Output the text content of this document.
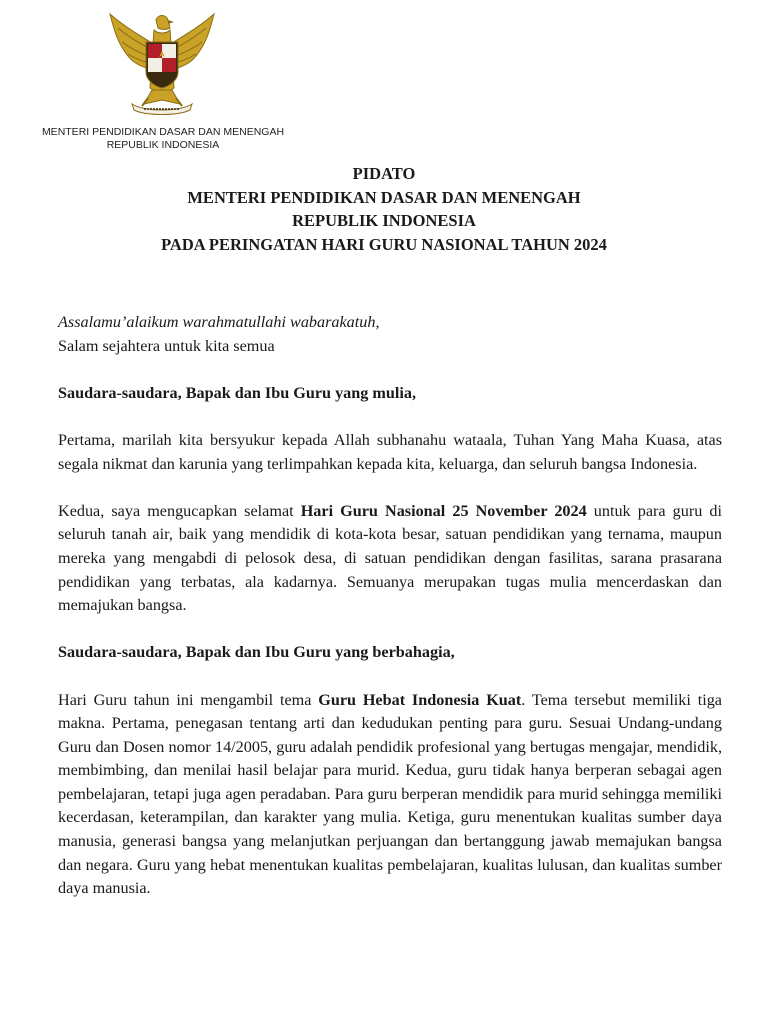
MENTERI PENDIDIKAN DASAR DAN MENENGAH
REPUBLIK INDONESIA
PIDATO
MENTERI PENDIDIKAN DASAR DAN MENENGAH
REPUBLIK INDONESIA
PADA PERINGATAN HARI GURU NASIONAL TAHUN 2024

Assalamu’alaikum warahmatullahi wabarakatuh,

Salam sejahtera untuk kita semua

Saudara-saudara, Bapak dan Ibu Guru yang mulia,

Pertama, marilah kita bersyukur kepada Allah subhanahu wataala, Tuhan Yang Maha Kuasa, atas segala nikmat dan karunia yang terlimpahkan kepada kita, keluarga, dan seluruh bangsa Indonesia.

Kedua, saya mengucapkan selamat Hari Guru Nasional 25 November 2024 untuk para guru di seluruh tanah air, baik yang mendidik di kota-kota besar, satuan pendidikan yang ternama, maupun mereka yang mengabdi di pelosok desa, di satuan pendidikan dengan fasilitas, sarana prasarana pendidikan yang terbatas, ala kadarnya. Semuanya merupakan tugas mulia mencerdaskan dan memajukan bangsa.

Saudara-saudara, Bapak dan Ibu Guru yang berbahagia,

Hari Guru tahun ini mengambil tema Guru Hebat Indonesia Kuat. Tema tersebut memiliki tiga makna. Pertama, penegasan tentang arti dan kedudukan penting para guru. Sesuai Undang-undang Guru dan Dosen nomor 14/2005, guru adalah pendidik profesional yang bertugas mengajar, mendidik, membimbing, dan menilai hasil belajar para murid. Kedua, guru tidak hanya berperan sebagai agen pembelajaran, tetapi juga agen peradaban. Para guru berperan mendidik para murid sehingga memiliki kecerdasan, keterampilan, dan karakter yang mulia. Ketiga, guru menentukan kualitas sumber daya manusia, generasi bangsa yang melanjutkan perjuangan dan bertanggung jawab memajukan bangsa dan negara. Guru yang hebat menentukan kualitas pembelajaran, kualitas lulusan, dan kualitas sumber daya manusia.
